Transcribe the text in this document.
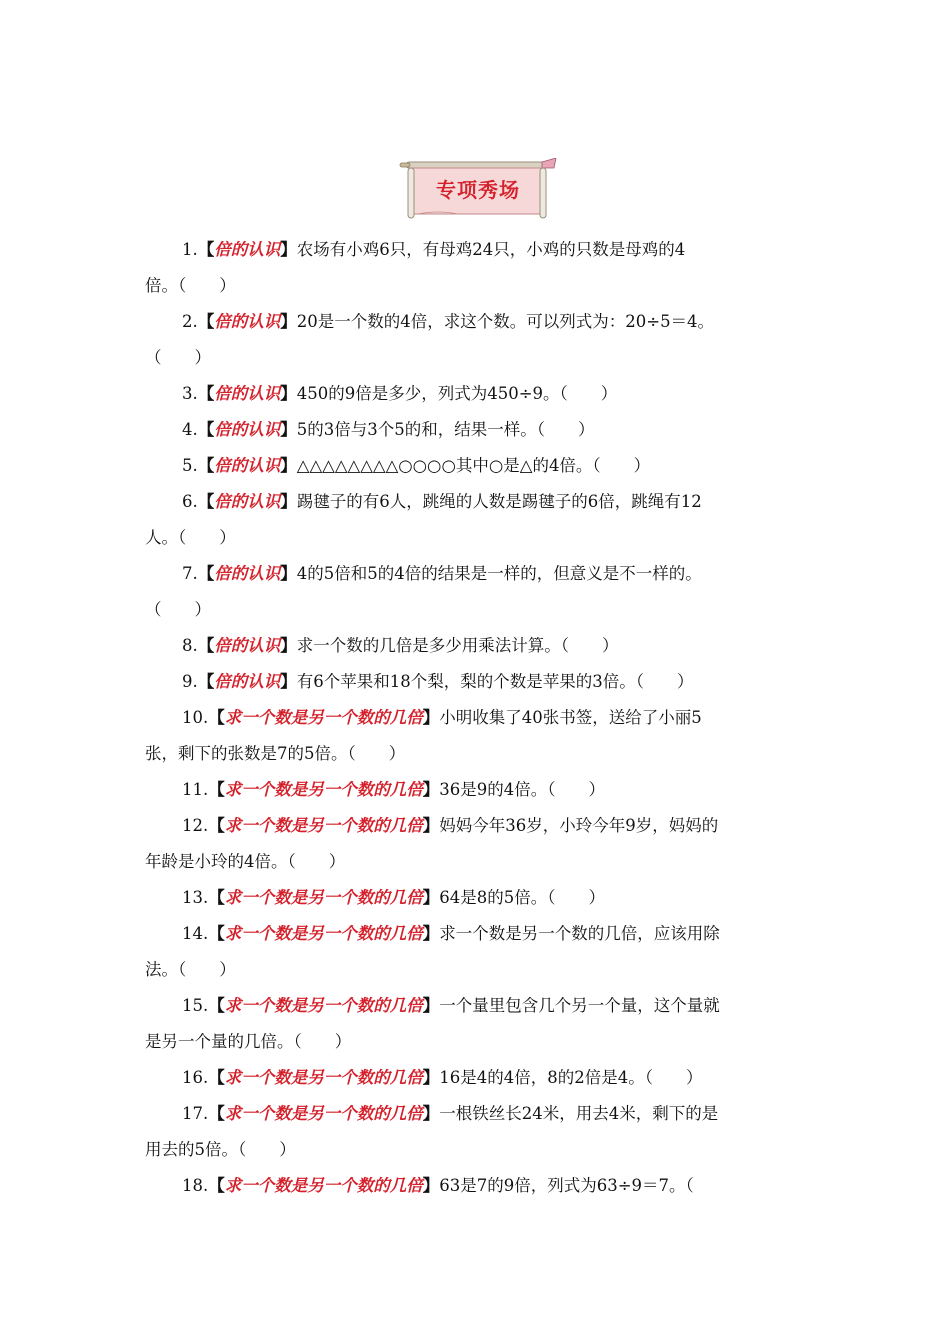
专项秀场

1.【倍的认识】农场有小鸡6只，有母鸡24只，小鸡的只数是母鸡的4
倍。（　　）

2.【倍的认识】20是一个数的4倍，求这个数。可以列式为：20÷5＝4。
（　　）

3.【倍的认识】450的9倍是多少，列式为450÷9。（　　）

4.【倍的认识】5的3倍与3个5的和，结果一样。（　　）

5.【倍的认识】△△△△△△△△○○○○其中○是△的4倍。（　　）

6.【倍的认识】踢毽子的有6人，跳绳的人数是踢毽子的6倍，跳绳有12
人。（　　）

7.【倍的认识】4的5倍和5的4倍的结果是一样的，但意义是不一样的。
（　　）

8.【倍的认识】求一个数的几倍是多少用乘法计算。（　　）

9.【倍的认识】有6个苹果和18个梨，梨的个数是苹果的3倍。（　　）

10.【求一个数是另一个数的几倍】小明收集了40张书签，送给了小丽5
张，剩下的张数是7的5倍。（　　）

11.【求一个数是另一个数的几倍】36是9的4倍。（　　）

12.【求一个数是另一个数的几倍】妈妈今年36岁，小玲今年9岁，妈妈的
年龄是小玲的4倍。（　　）

13.【求一个数是另一个数的几倍】64是8的5倍。（　　）

14.【求一个数是另一个数的几倍】求一个数是另一个数的几倍，应该用除
法。（　　）

15.【求一个数是另一个数的几倍】一个量里包含几个另一个量，这个量就
是另一个量的几倍。（　　）

16.【求一个数是另一个数的几倍】16是4的4倍，8的2倍是4。（　　）

17.【求一个数是另一个数的几倍】一根铁丝长24米，用去4米，剩下的是
用去的5倍。（　　）

18.【求一个数是另一个数的几倍】63是7的9倍，列式为63÷9＝7。（
